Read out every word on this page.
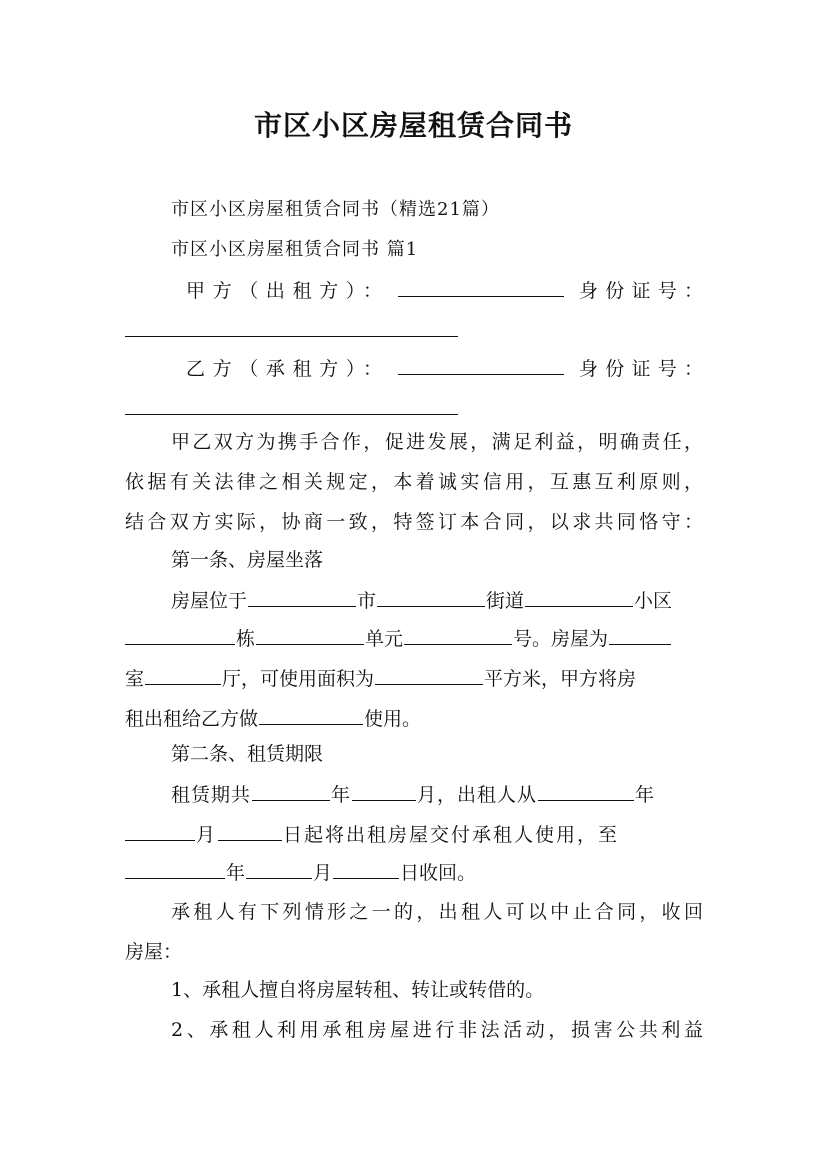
市区小区房屋租赁合同书
市区小区房屋租赁合同书（精选21篇）
市区小区房屋租赁合同书 篇1
甲方（出租方）：	身份证号：
乙方（承租方）：	身份证号：
甲乙双方为携手合作，促进发展，满足利益，明确责任，
依据有关法律之相关规定，本着诚实信用，互惠互利原则，
结合双方实际，协商一致，特签订本合同，以求共同恪守：
第一条、房屋坐落
房屋位于	市	街道	小区
栋	单元	号。房屋为
室	厅，可使用面积为	平方米，甲方将房
租出租给乙方做	使用。
第二条、租赁期限
租赁期共	年	月，出租人从	年
月	日起将出租房屋交付承租人使用，至
年	月	日收回。
承租人有下列情形之一的，出租人可以中止合同，收回
房屋：
1、承租人擅自将房屋转租、转让或转借的。
2、承租人利用承租房屋进行非法活动，损害公共利益
